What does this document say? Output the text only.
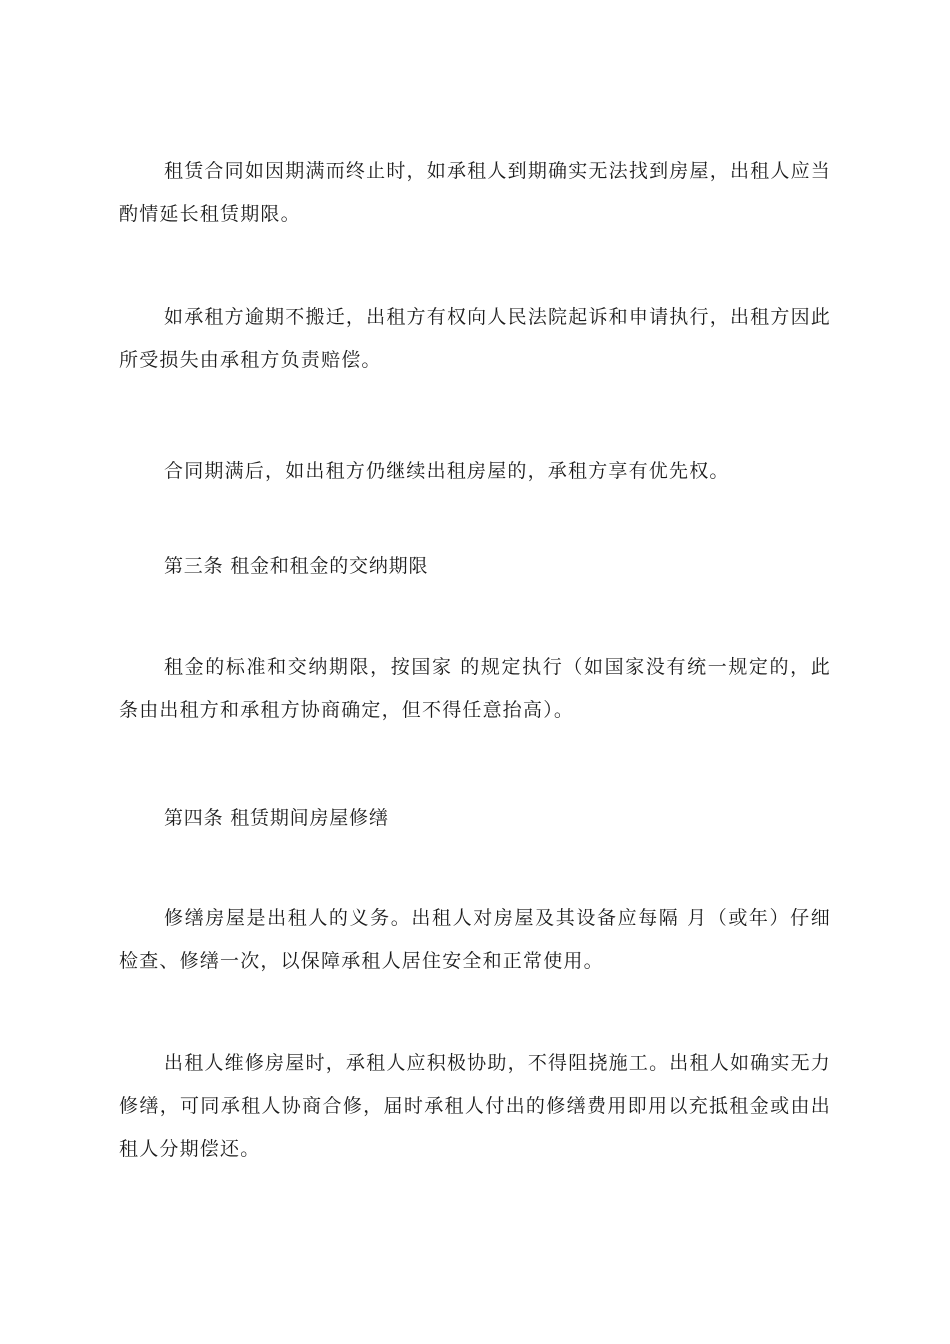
租赁合同如因期满而终止时，如承租人到期确实无法找到房屋，出租人应当酌情延长租赁期限。

如承租方逾期不搬迁，出租方有权向人民法院起诉和申请执行，出租方因此所受损失由承租方负责赔偿。

合同期满后，如出租方仍继续出租房屋的，承租方享有优先权。

第三条 租金和租金的交纳期限

租金的标准和交纳期限，按国家 的规定执行（如国家没有统一规定的，此条由出租方和承租方协商确定，但不得任意抬高）。

第四条 租赁期间房屋修缮

修缮房屋是出租人的义务。出租人对房屋及其设备应每隔 月（或年）仔细检查、修缮一次，以保障承租人居住安全和正常使用。

出租人维修房屋时，承租人应积极协助，不得阻挠施工。出租人如确实无力修缮，可同承租人协商合修，届时承租人付出的修缮费用即用以充抵租金或由出租人分期偿还。
